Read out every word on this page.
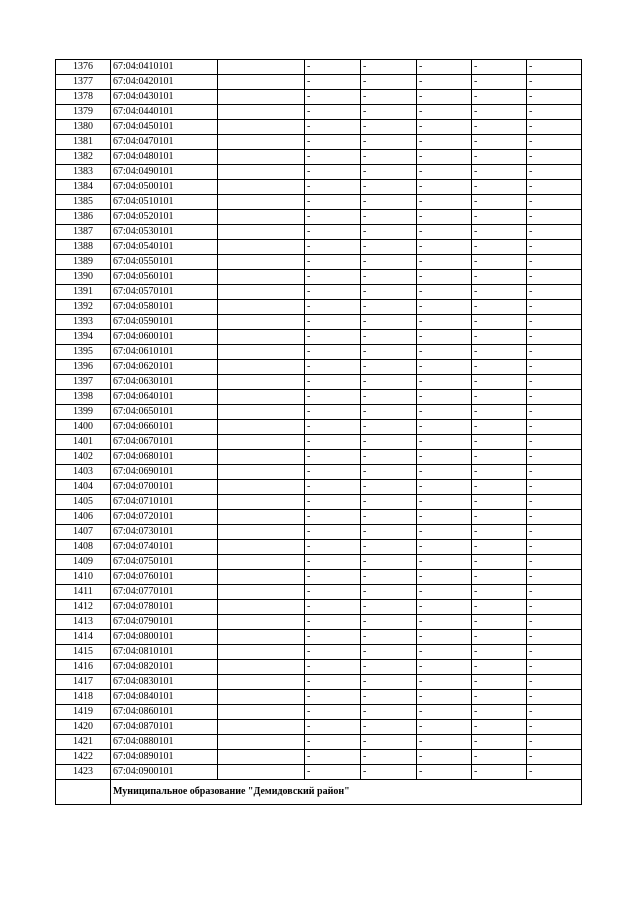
1376	67:04:0410101		-	-	-	-	-
1377	67:04:0420101		-	-	-	-	-
1378	67:04:0430101		-	-	-	-	-
1379	67:04:0440101		-	-	-	-	-
1380	67:04:0450101		-	-	-	-	-
1381	67:04:0470101		-	-	-	-	-
1382	67:04:0480101		-	-	-	-	-
1383	67:04:0490101		-	-	-	-	-
1384	67:04:0500101		-	-	-	-	-
1385	67:04:0510101		-	-	-	-	-
1386	67:04:0520101		-	-	-	-	-
1387	67:04:0530101		-	-	-	-	-
1388	67:04:0540101		-	-	-	-	-
1389	67:04:0550101		-	-	-	-	-
1390	67:04:0560101		-	-	-	-	-
1391	67:04:0570101		-	-	-	-	-
1392	67:04:0580101		-	-	-	-	-
1393	67:04:0590101		-	-	-	-	-
1394	67:04:0600101		-	-	-	-	-
1395	67:04:0610101		-	-	-	-	-
1396	67:04:0620101		-	-	-	-	-
1397	67:04:0630101		-	-	-	-	-
1398	67:04:0640101		-	-	-	-	-
1399	67:04:0650101		-	-	-	-	-
1400	67:04:0660101		-	-	-	-	-
1401	67:04:0670101		-	-	-	-	-
1402	67:04:0680101		-	-	-	-	-
1403	67:04:0690101		-	-	-	-	-
1404	67:04:0700101		-	-	-	-	-
1405	67:04:0710101		-	-	-	-	-
1406	67:04:0720101		-	-	-	-	-
1407	67:04:0730101		-	-	-	-	-
1408	67:04:0740101		-	-	-	-	-
1409	67:04:0750101		-	-	-	-	-
1410	67:04:0760101		-	-	-	-	-
1411	67:04:0770101		-	-	-	-	-
1412	67:04:0780101		-	-	-	-	-
1413	67:04:0790101		-	-	-	-	-
1414	67:04:0800101		-	-	-	-	-
1415	67:04:0810101		-	-	-	-	-
1416	67:04:0820101		-	-	-	-	-
1417	67:04:0830101		-	-	-	-	-
1418	67:04:0840101		-	-	-	-	-
1419	67:04:0860101		-	-	-	-	-
1420	67:04:0870101		-	-	-	-	-
1421	67:04:0880101		-	-	-	-	-
1422	67:04:0890101		-	-	-	-	-
1423	67:04:0900101		-	-	-	-	-
	Муниципальное образование "Демидовский район"						
